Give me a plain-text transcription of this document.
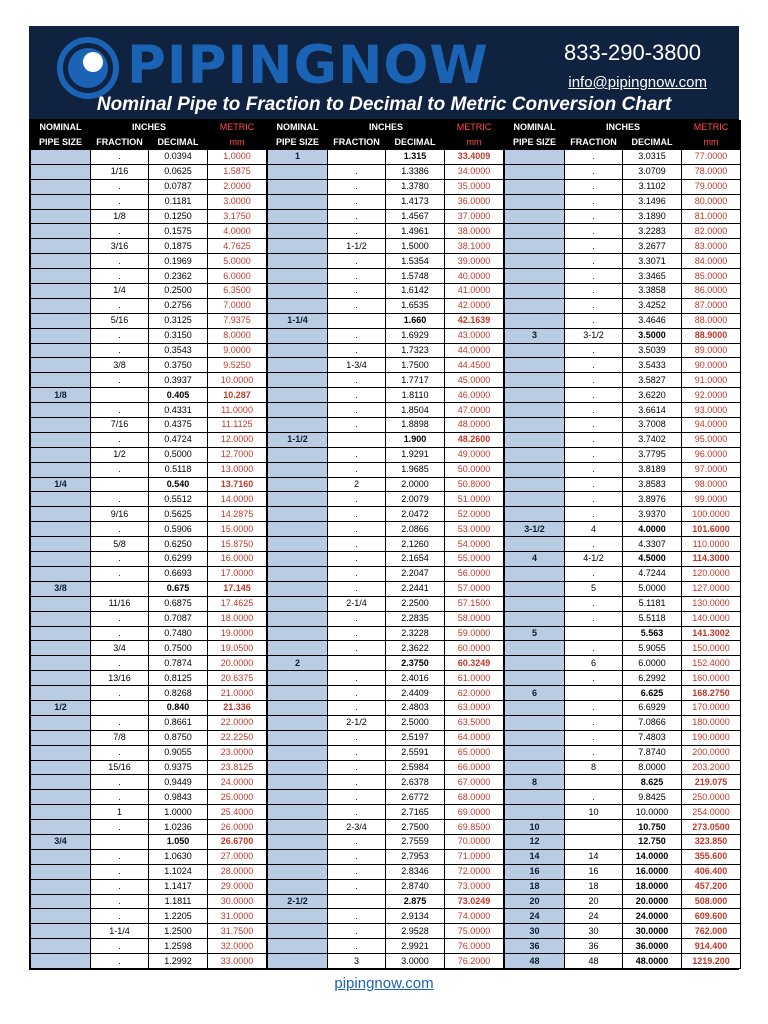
PIPINGNOW	833-290-3800
info@pipingnow.com
Nominal Pipe to Fraction to Decimal to Metric Conversion Chart
NOMINAL	INCHES		METRIC
PIPE SIZE	FRACTION	DECIMAL	mm
	.	0.0394	1.0000
	1/16	0.0625	1.5875
	.	0.0787	2.0000
	.	0.1181	3.0000
	1/8	0.1250	3.1750
	.	0.1575	4.0000
	3/16	0.1875	4.7625
	.	0.1969	5.0000
	.	0.2362	6.0000
	1/4	0.2500	6.3500
	.	0.2756	7.0000
	5/16	0.3125	7.9375
	.	0.3150	8.0000
	.	0.3543	9.0000
	3/8	0.3750	9.5250
	.	0.3937	10.0000
1/8		0.405	10.287
	.	0.4331	11.0000
	7/16	0.4375	11.1125
	.	0.4724	12.0000
	1/2	0.5000	12.7000
	.	0.5118	13.0000
1/4		0.540	13.7160
	.	0.5512	14.0000
	9/16	0.5625	14.2875
	.	0.5906	15.0000
	5/8	0.6250	15.8750
	.	0.6299	16.0000
	.	0.6693	17.0000
3/8		0.675	17.145
	11/16	0.6875	17.4625
	.	0.7087	18.0000
	.	0.7480	19.0000
	3/4	0.7500	19.0500
	.	0.7874	20.0000
	13/16	0.8125	20.6375
	.	0.8268	21.0000
1/2		0.840	21.336
	.	0.8661	22.0000
	7/8	0.8750	22.2250
	.	0.9055	23.0000
	15/16	0.9375	23.8125
	.	0.9449	24.0000
	.	0.9843	25.0000
	1	1.0000	25.4000
	.	1.0236	26.0000
3/4		1.050	26.6700
	.	1.0630	27.0000
	.	1.1024	28.0000
	.	1.1417	29.0000
	.	1.1811	30.0000
	.	1.2205	31.0000
	1-1/4	1.2500	31.7500
	.	1.2598	32.0000
	.	1.2992	33.0000
NOMINAL	INCHES		METRIC
PIPE SIZE	FRACTION	DECIMAL	mm
1		1.315	33.4009
	.	1.3386	34.0000
	.	1.3780	35.0000
	.	1.4173	36.0000
	.	1.4567	37.0000
	.	1.4961	38.0000
	1-1/2	1.5000	38.1000
	.	1.5354	39.0000
	.	1.5748	40.0000
	.	1.6142	41.0000
	.	1.6535	42.0000
1-1/4		1.660	42.1639
	.	1.6929	43.0000
	.	1.7323	44.0000
	1-3/4	1.7500	44.4500
	.	1.7717	45.0000
	.	1.8110	46.0000
	.	1.8504	47.0000
	.	1.8898	48.0000
1-1/2		1.900	48.2600
	.	1.9291	49.0000
	.	1.9685	50.0000
	2	2.0000	50.8000
	.	2.0079	51.0000
	.	2.0472	52.0000
	.	2.0866	53.0000
	.	2.1260	54.0000
	.	2.1654	55.0000
	.	2.2047	56.0000
	.	2.2441	57.0000
	2-1/4	2.2500	57.1500
	.	2.2835	58.0000
	.	2.3228	59.0000
	.	2.3622	60.0000
2		2.3750	60.3249
	.	2.4016	61.0000
	.	2.4409	62.0000
	.	2.4803	63.0000
	2-1/2	2.5000	63.5000
	.	2.5197	64.0000
	.	2.5591	65.0000
	.	2.5984	66.0000
	.	2.6378	67.0000
	.	2.6772	68.0000
	.	2.7165	69.0000
	2-3/4	2.7500	69.8500
	.	2.7559	70.0000
	.	2.7953	71.0000
	.	2.8346	72.0000
	.	2.8740	73.0000
2-1/2		2.875	73.0249
	.	2.9134	74.0000
	.	2.9528	75.0000
	.	2.9921	76.0000
	3	3.0000	76.2000
NOMINAL	INCHES		METRIC
PIPE SIZE	FRACTION	DECIMAL	mm
	.	3.0315	77.0000
	.	3.0709	78.0000
	.	3.1102	79.0000
	.	3.1496	80.0000
	.	3.1890	81.0000
	.	3.2283	82.0000
	.	3.2677	83.0000
	.	3.3071	84.0000
	.	3.3465	85.0000
	.	3.3858	86.0000
	.	3.4252	87.0000
	.	3.4646	88.0000
3	3-1/2	3.5000	88.9000
	.	3.5039	89.0000
	.	3.5433	90.0000
	.	3.5827	91.0000
	.	3.6220	92.0000
	.	3.6614	93.0000
	.	3.7008	94.0000
	.	3.7402	95.0000
	.	3.7795	96.0000
	.	3.8189	97.0000
	.	3.8583	98.0000
	.	3.8976	99.0000
	.	3.9370	100.0000
3-1/2	4	4.0000	101.6000
	.	4.3307	110.0000
4	4-1/2	4.5000	114.3000
	.	4.7244	120.0000
	5	5.0000	127.0000
	.	5.1181	130.0000
	.	5.5118	140.0000
5		5.563	141.3002
	.	5.9055	150.0000
	6	6.0000	152.4000
	.	6.2992	160.0000
6		6.625	168.2750
	.	6.6929	170.0000
	.	7.0866	180.0000
	.	7.4803	190.0000
	.	7.8740	200.0000
	8	8.0000	203.2000
8		8.625	219.075
	.	9.8425	250.0000
	10	10.0000	254.0000
10		10.750	273.0500
12		12.750	323.850
14	14	14.0000	355.600
16	16	16.0000	406.400
18	18	18.0000	457.200
20	20	20.0000	508.000
24	24	24.0000	609.600
30	30	30.0000	762.000
36	36	36.0000	914.400
48	48	48.0000	1219.200
pipingnow.com
